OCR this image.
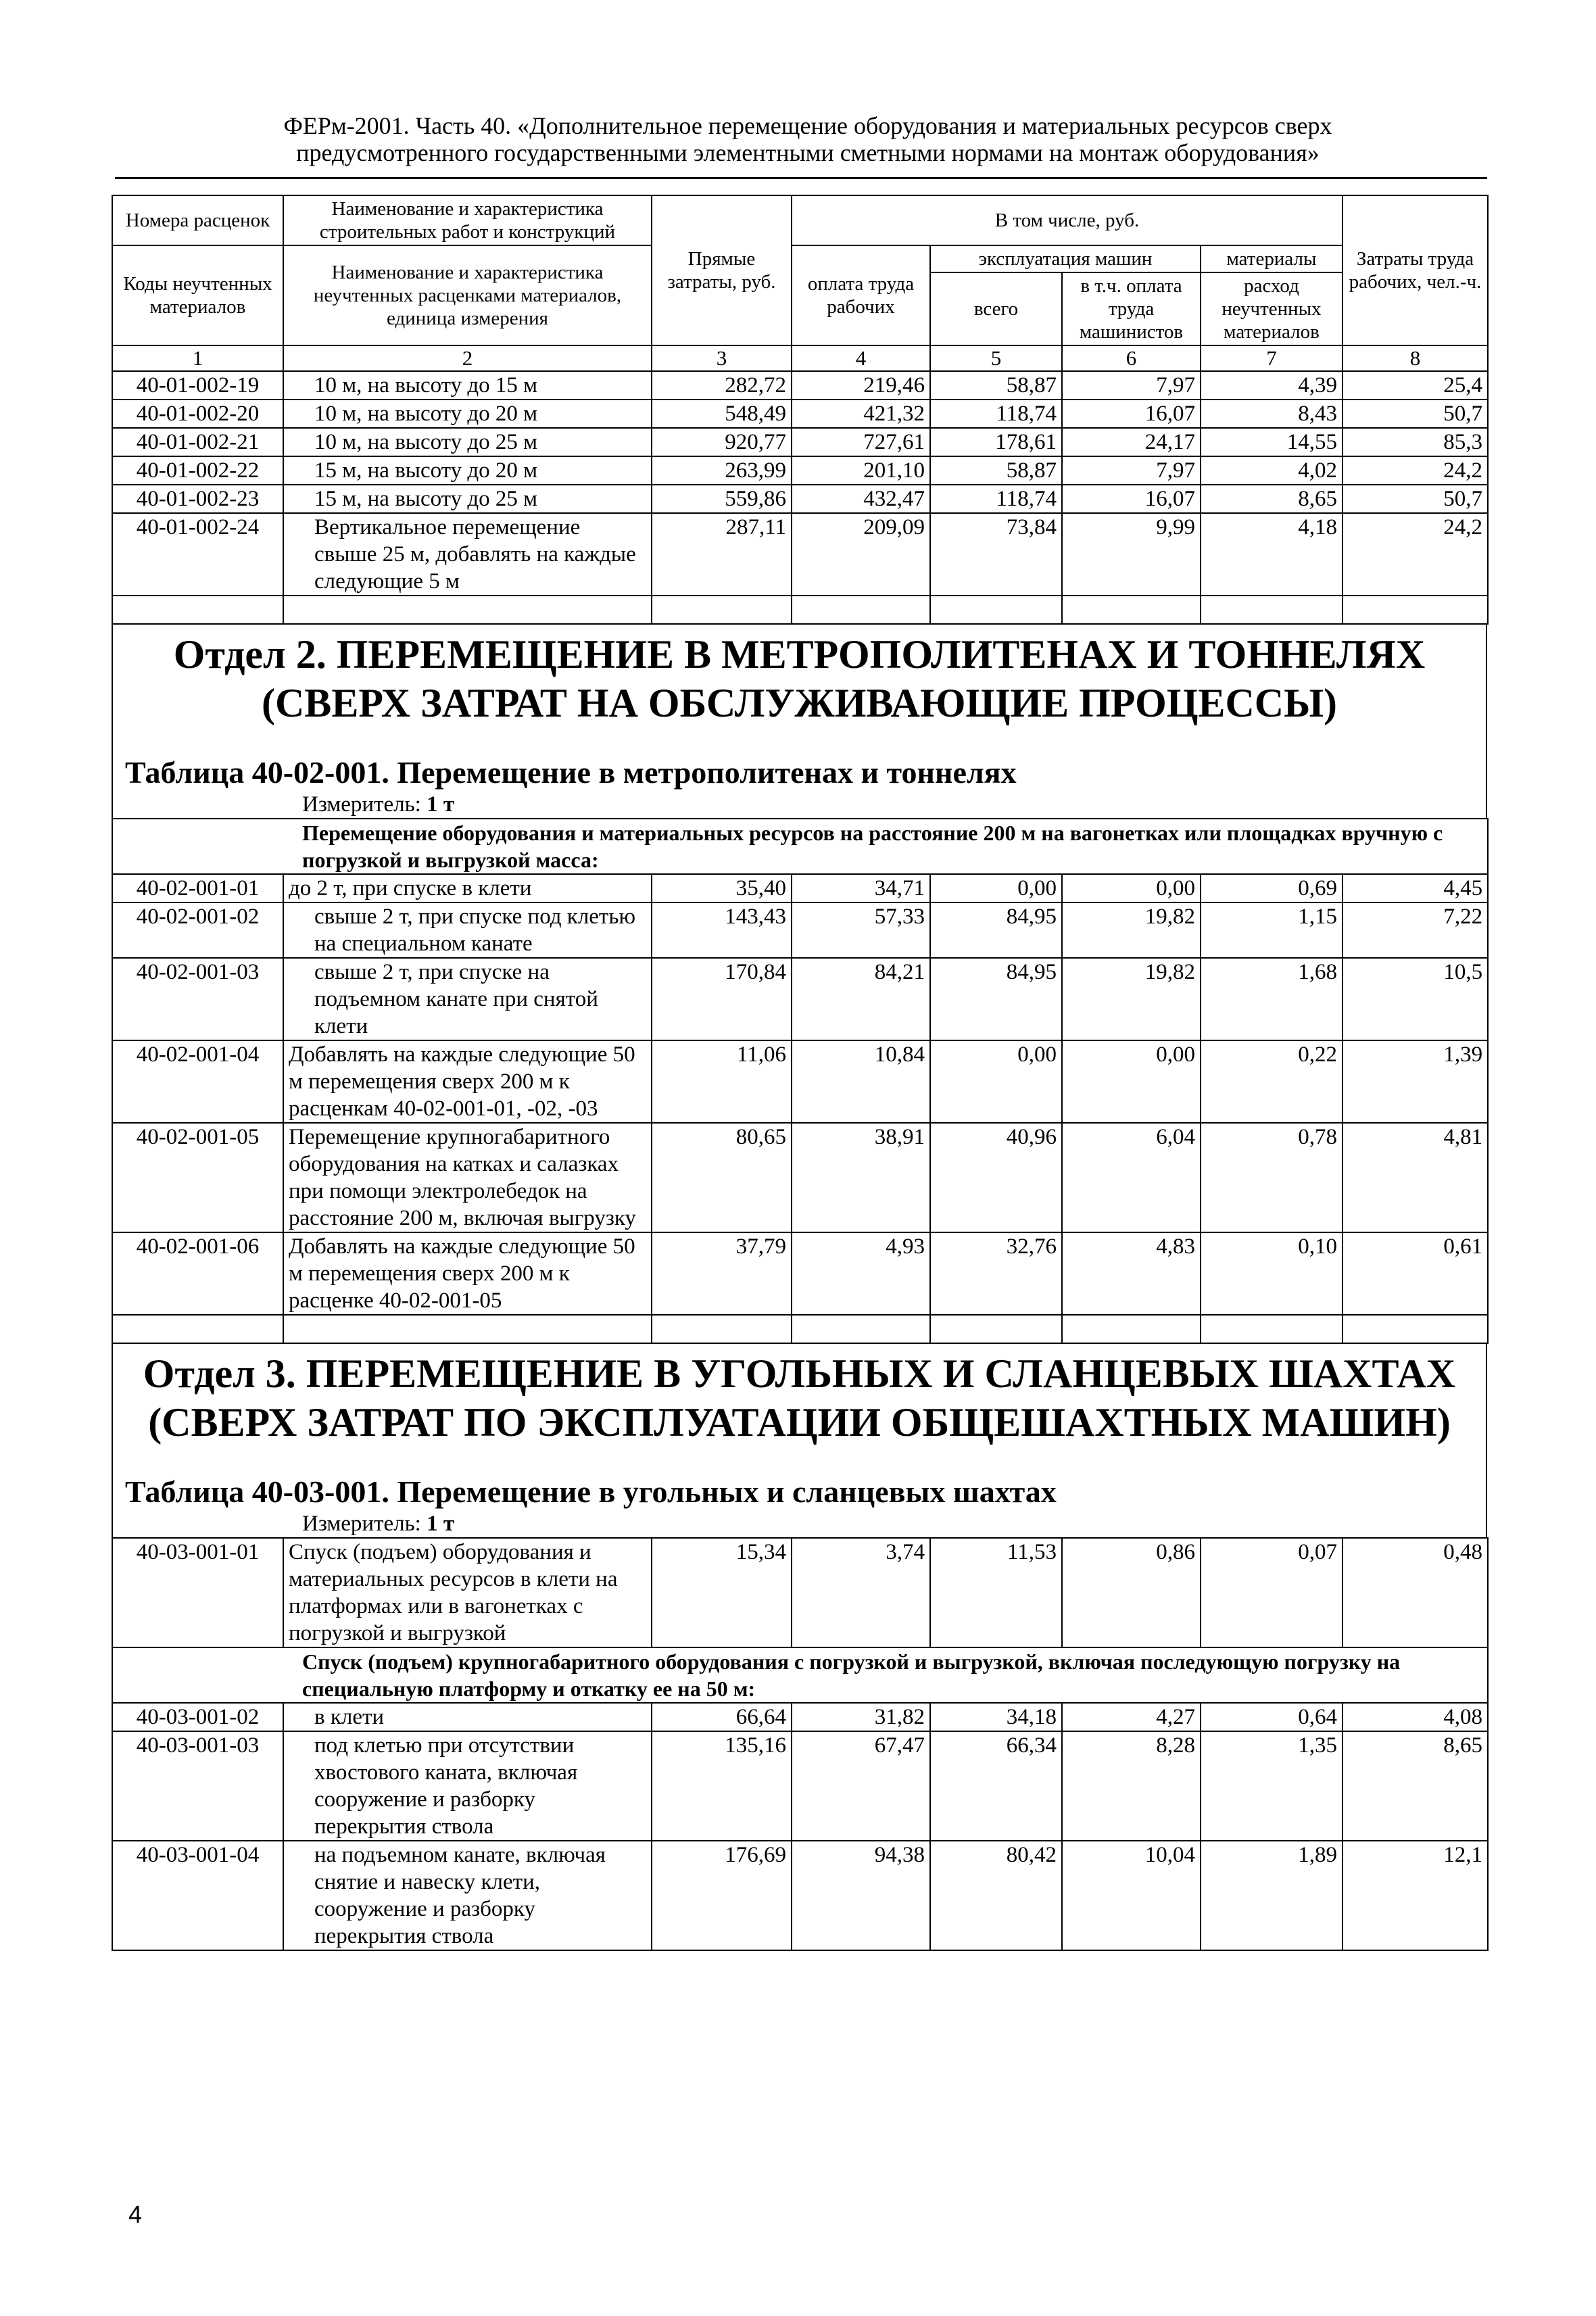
ФЕРм-2001. Часть 40. «Дополнительное перемещение оборудования и материальных ресурсов сверх
предусмотренного государственными элементными сметными нормами на монтаж оборудования»
Номера расценок	Наименование и характеристика строительных работ и конструкций	Прямые затраты, руб.	В том числе, руб.				Затраты труда рабочих, чел.-ч.
Коды неучтенных материалов	Наименование и характеристика неучтенных расценками материалов, единица измерения		оплата труда рабочих	эксплуатация машин		материалы	
				всего	в т.ч. оплата труда машинистов	расход неучтенных материалов	
1	2	3	4	5	6	7	8
40-01-002-19	10 м, на высоту до 15 м	282,72	219,46	58,87	7,97	4,39	25,4
40-01-002-20	10 м, на высоту до 20 м	548,49	421,32	118,74	16,07	8,43	50,7
40-01-002-21	10 м, на высоту до 25 м	920,77	727,61	178,61	24,17	14,55	85,3
40-01-002-22	15 м, на высоту до 20 м	263,99	201,10	58,87	7,97	4,02	24,2
40-01-002-23	15 м, на высоту до 25 м	559,86	432,47	118,74	16,07	8,65	50,7
40-01-002-24	Вертикальное перемещение свыше 25 м, добавлять на каждые следующие 5 м	287,11	209,09	73,84	9,99	4,18	24,2

Отдел 2. ПЕРЕМЕЩЕНИЕ В МЕТРОПОЛИТЕНАХ И ТОННЕЛЯХ (СВЕРХ ЗАТРАТ НА ОБСЛУЖИВАЮЩИЕ ПРОЦЕССЫ)

Таблица 40-02-001. Перемещение в метрополитенах и тоннелях

Измеритель: 1 т
Перемещение оборудования и материальных ресурсов на расстояние 200 м на вагонетках или площадках вручную с погрузкой и выгрузкой масса:							
40-02-001-01	до 2 т, при спуске в клети	35,40	34,71	0,00	0,00	0,69	4,45
40-02-001-02	свыше 2 т, при спуске под клетью на специальном канате	143,43	57,33	84,95	19,82	1,15	7,22
40-02-001-03	свыше 2 т, при спуске на подъемном канате при снятой клети	170,84	84,21	84,95	19,82	1,68	10,5
40-02-001-04	Добавлять на каждые следующие 50 м перемещения сверх 200 м к расценкам 40-02-001-01, -02, -03	11,06	10,84	0,00	0,00	0,22	1,39
40-02-001-05	Перемещение крупногабаритного оборудования на катках и салазках при помощи электролебедок на расстояние 200 м, включая выгрузку	80,65	38,91	40,96	6,04	0,78	4,81
40-02-001-06	Добавлять на каждые следующие 50 м перемещения сверх 200 м к расценке 40-02-001-05	37,79	4,93	32,76	4,83	0,10	0,61

Отдел 3. ПЕРЕМЕЩЕНИЕ В УГОЛЬНЫХ И СЛАНЦЕВЫХ ШАХТАХ (СВЕРХ ЗАТРАТ ПО ЭКСПЛУАТАЦИИ ОБЩЕШАХТНЫХ МАШИН)

Таблица 40-03-001. Перемещение в угольных и сланцевых шахтах

Измеритель: 1 т
40-03-001-01	Спуск (подъем) оборудования и материальных ресурсов в клети на платформах или в вагонетках с погрузкой и выгрузкой	15,34	3,74	11,53	0,86	0,07	0,48
Спуск (подъем) крупногабаритного оборудования с погрузкой и выгрузкой, включая последующую погрузку на специальную платформу и откатку ее на 50 м:							
40-03-001-02	в клети	66,64	31,82	34,18	4,27	0,64	4,08
40-03-001-03	под клетью при отсутствии хвостового каната, включая сооружение и разборку перекрытия ствола	135,16	67,47	66,34	8,28	1,35	8,65
40-03-001-04	на подъемном канате, включая снятие и навеску клети, сооружение и разборку перекрытия ствола	176,69	94,38	80,42	10,04	1,89	12,1
4
